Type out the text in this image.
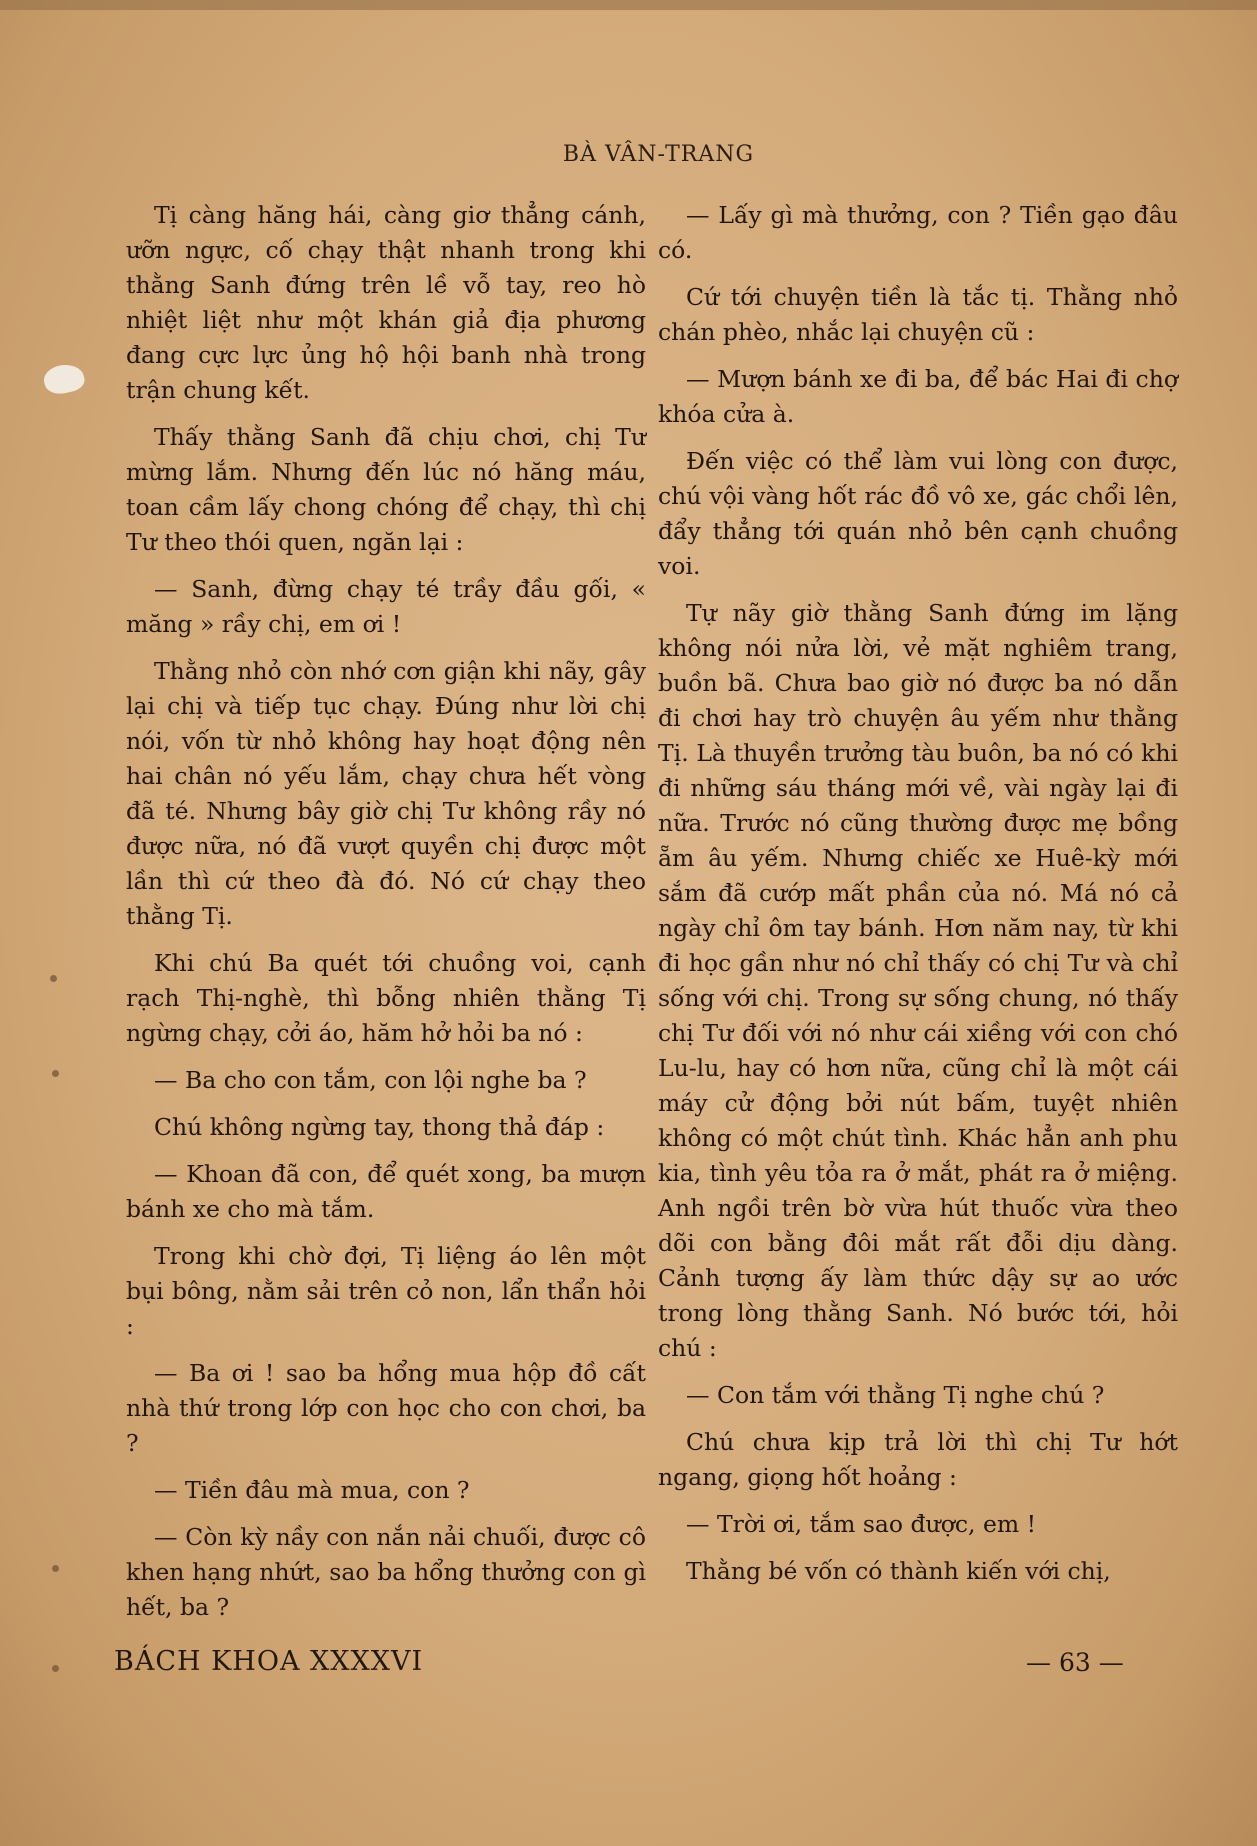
BÀ VÂN-TRANG

Tị càng hăng hái, càng giơ thẳng cánh, ưỡn ngực, cố chạy thật nhanh trong khi thằng Sanh đứng trên lề vỗ tay, reo hò nhiệt liệt như một khán giả địa phương đang cực lực ủng hộ hội banh nhà trong trận chung kết.

Thấy thằng Sanh đã chịu chơi, chị Tư mừng lắm. Nhưng đến lúc nó hăng máu, toan cầm lấy chong chóng để chạy, thì chị Tư theo thói quen, ngăn lại :

— Sanh, đừng chạy té trầy đầu gối, « măng » rầy chị, em ơi !

Thằng nhỏ còn nhớ cơn giận khi nãy, gây lại chị và tiếp tục chạy. Đúng như lời chị nói, vốn từ nhỏ không hay hoạt động nên hai chân nó yếu lắm, chạy chưa hết vòng đã té. Nhưng bây giờ chị Tư không rầy nó được nữa, nó đã vượt quyền chị được một lần thì cứ theo đà đó. Nó cứ chạy theo thằng Tị.

Khi chú Ba quét tới chuồng voi, cạnh rạch Thị-nghè, thì bỗng nhiên thằng Tị ngừng chạy, cởi áo, hăm hở hỏi ba nó :

— Ba cho con tắm, con lội nghe ba ?

Chú không ngừng tay, thong thả đáp :

— Khoan đã con, để quét xong, ba mượn bánh xe cho mà tắm.

Trong khi chờ đợi, Tị liệng áo lên một bụi bông, nằm sải trên cỏ non, lẩn thẩn hỏi :

— Ba ơi ! sao ba hổng mua hộp đồ cất nhà thứ trong lớp con học cho con chơi, ba ?

— Tiền đâu mà mua, con ?

— Còn kỳ nầy con nắn nải chuối, được cô khen hạng nhứt, sao ba hổng thưởng con gì hết, ba ?

— Lấy gì mà thưởng, con ? Tiền gạo đâu có.

Cứ tới chuyện tiền là tắc tị. Thằng nhỏ chán phèo, nhắc lại chuyện cũ :

— Mượn bánh xe đi ba, để bác Hai đi chợ khóa cửa à.

Đến việc có thể làm vui lòng con được, chú vội vàng hốt rác đồ vô xe, gác chổi lên, đẩy thẳng tới quán nhỏ bên cạnh chuồng voi.

Tự nãy giờ thằng Sanh đứng im lặng không nói nửa lời, vẻ mặt nghiêm trang, buồn bã. Chưa bao giờ nó được ba nó dẫn đi chơi hay trò chuyện âu yếm như thằng Tị. Là thuyền trưởng tàu buôn, ba nó có khi đi những sáu tháng mới về, vài ngày lại đi nữa. Trước nó cũng thường được mẹ bồng ẵm âu yếm. Nhưng chiếc xe Huê-kỳ mới sắm đã cướp mất phần của nó. Má nó cả ngày chỉ ôm tay bánh. Hơn năm nay, từ khi đi học gần như nó chỉ thấy có chị Tư và chỉ sống với chị. Trong sự sống chung, nó thấy chị Tư đối với nó như cái xiềng với con chó Lu-lu, hay có hơn nữa, cũng chỉ là một cái máy cử động bởi nút bấm, tuyệt nhiên không có một chút tình. Khác hẳn anh phu kia, tình yêu tỏa ra ở mắt, phát ra ở miệng. Anh ngồi trên bờ vừa hút thuốc vừa theo dõi con bằng đôi mắt rất đỗi dịu dàng. Cảnh tượng ấy làm thức dậy sự ao ước trong lòng thằng Sanh. Nó bước tới, hỏi chú :

— Con tắm với thằng Tị nghe chú ?

Chú chưa kịp trả lời thì chị Tư hớt ngang, giọng hốt hoảng :

— Trời ơi, tắm sao được, em !

Thằng bé vốn có thành kiến với chị,

BÁCH KHOA XXXXVI	— 63 —
